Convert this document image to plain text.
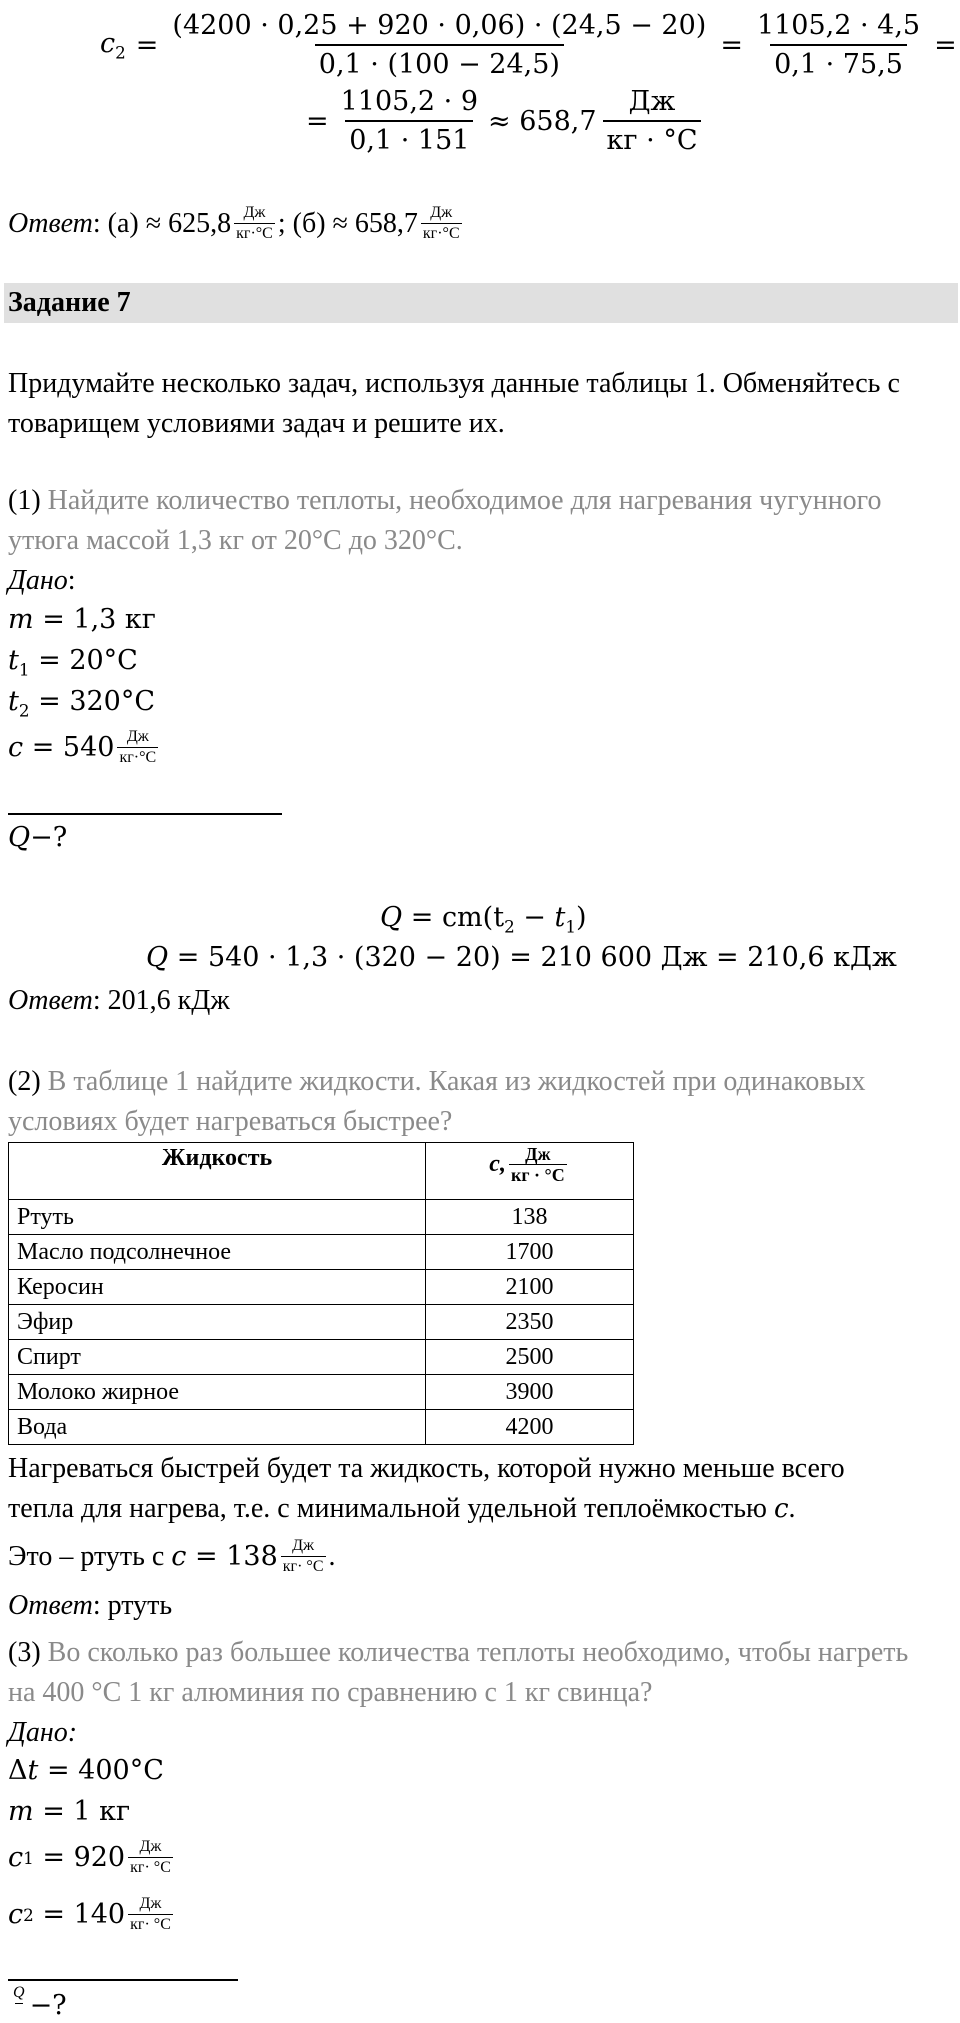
$c_2 = \frac{(4200 \cdot 0,25 + 920 \cdot 0,06) \cdot (24,5 - 20)}{0,1 \cdot (100 - 24,5)} = \frac{1105,2 \cdot 4,5}{0,1 \cdot 75,5}$ =
= $\frac{1105,2 \cdot 9}{0,1 \cdot 151} \approx 658,7 \frac{Дж}{кг \cdot ^\circ С}$
Ответ : $(а) \approx 625,8 \frac{Дж}{кг\cdot^\circ С}$ ; $(б) \approx 658,7 \frac{Дж}{кг\cdot^\circ С}$
Задание 7
Придумайте несколько задач, используя данные таблицы 1. Обменяйтесь с
товарищем условиями задач и решите их.
(1) Найдите количество теплоты, необходимое для нагревания чугунного
утюга массой 1,3 кг от 20°С до 320°С.
Дано:
m = 1,3 кг
$t_1 = 20^\circ С$
$t_2 = 320^\circ С$
c
= $540 \frac{Дж}{кг\cdot^\circ С}$
Q−?
$Q = cm(t_2 - t_1)$
Q = 540 · 1,3 · (320 − 20) = 210 600 Дж = 210,6 кДж
Ответ: 201,6 кДж
(2) В таблице 1 найдите жидкости. Какая из жидкостей при одинаковых
условиях будет нагреваться быстрее?
Жидкость	c, $\frac{Дж}{кг \cdot ^\circ С}$

Ртуть	138
Масло подсолнечное	1700
Керосин	2100
Эфир	2350
Спирт	2500
Молоко жирное	3900
Вода	4200
Нагреваться быстрей будет та жидкость, которой нужно меньше всего
тепла для нагрева, т.е. с минимальной удельной теплоёмкостью c.
Это – ртуть с
$c = 138 \frac{Дж}{кг\cdot ^\circ С}$ .
Ответ: ртуть
(3) Во сколько раз большее количества теплоты необходимо, чтобы нагреть
на 400 °С 1 кг алюминия по сравнению с 1 кг свинца?
Дано:
Δt = 400°С
m = 1 кг
c 1
= $920 \frac{Дж}{кг\cdot ^\circ С}$
c 2
= $140 \frac{Дж}{кг\cdot ^\circ С}$
Q
−?
